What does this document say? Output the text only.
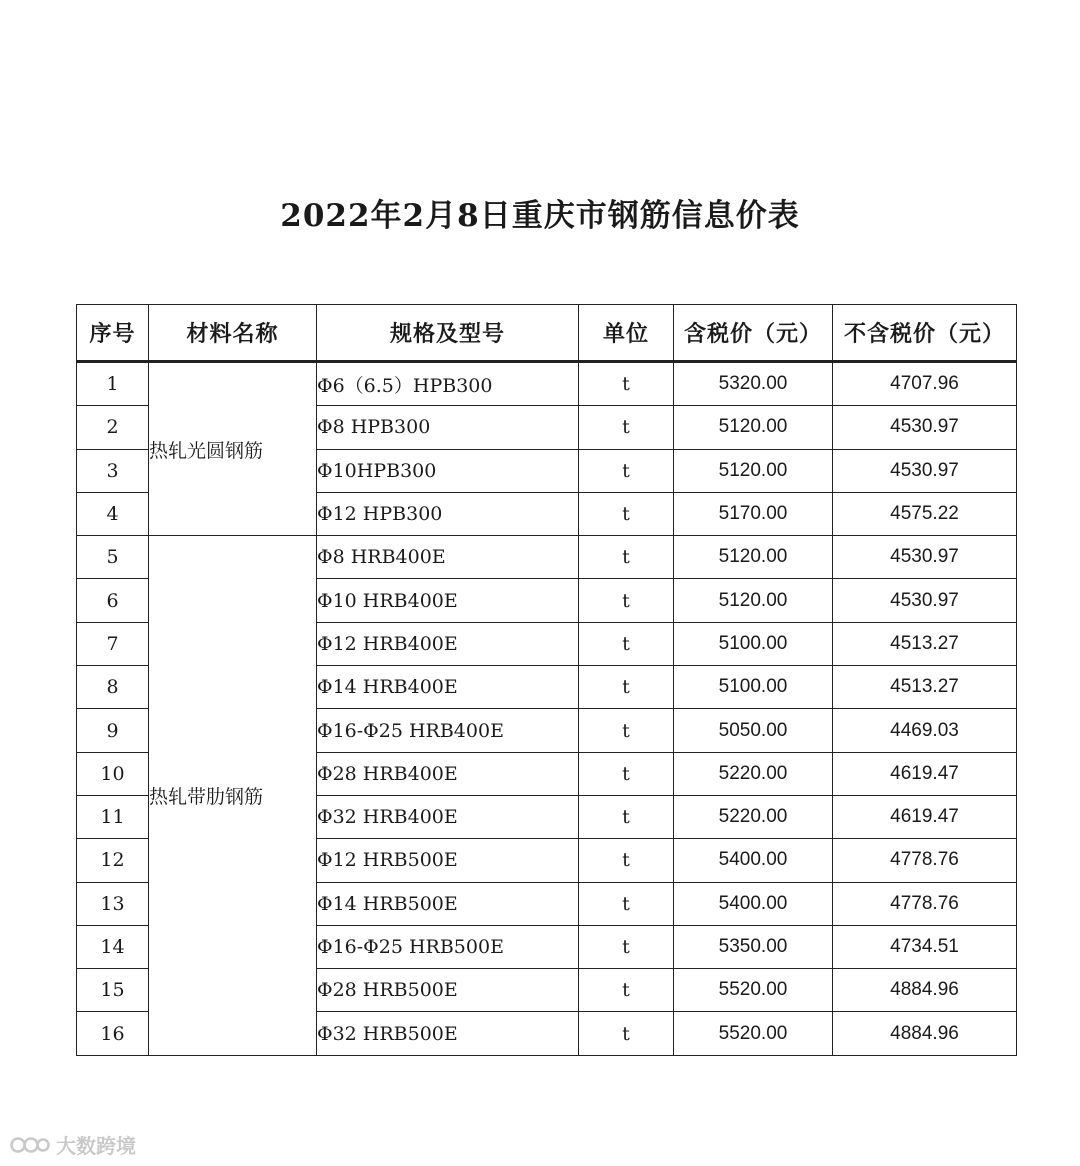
2022年2月8日重庆市钢筋信息价表
序号	材料名称	规格及型号	单位	含税价（元）	不含税价（元）
1	热轧光圆钢筋	Φ6（6.5）HPB300	t	5320.00	4707.96
2		Φ8 HPB300	t	5120.00	4530.97
3		Φ10HPB300	t	5120.00	4530.97
4		Φ12 HPB300	t	5170.00	4575.22
5	热轧带肋钢筋	Φ8 HRB400E	t	5120.00	4530.97
6		Φ10 HRB400E	t	5120.00	4530.97
7		Φ12 HRB400E	t	5100.00	4513.27
8		Φ14 HRB400E	t	5100.00	4513.27
9		Φ16-Φ25 HRB400E	t	5050.00	4469.03
10		Φ28 HRB400E	t	5220.00	4619.47
11		Φ32 HRB400E	t	5220.00	4619.47
12		Φ12 HRB500E	t	5400.00	4778.76
13		Φ14 HRB500E	t	5400.00	4778.76
14		Φ16-Φ25 HRB500E	t	5350.00	4734.51
15		Φ28 HRB500E	t	5520.00	4884.96
16		Φ32 HRB500E	t	5520.00	4884.96
大数跨境
